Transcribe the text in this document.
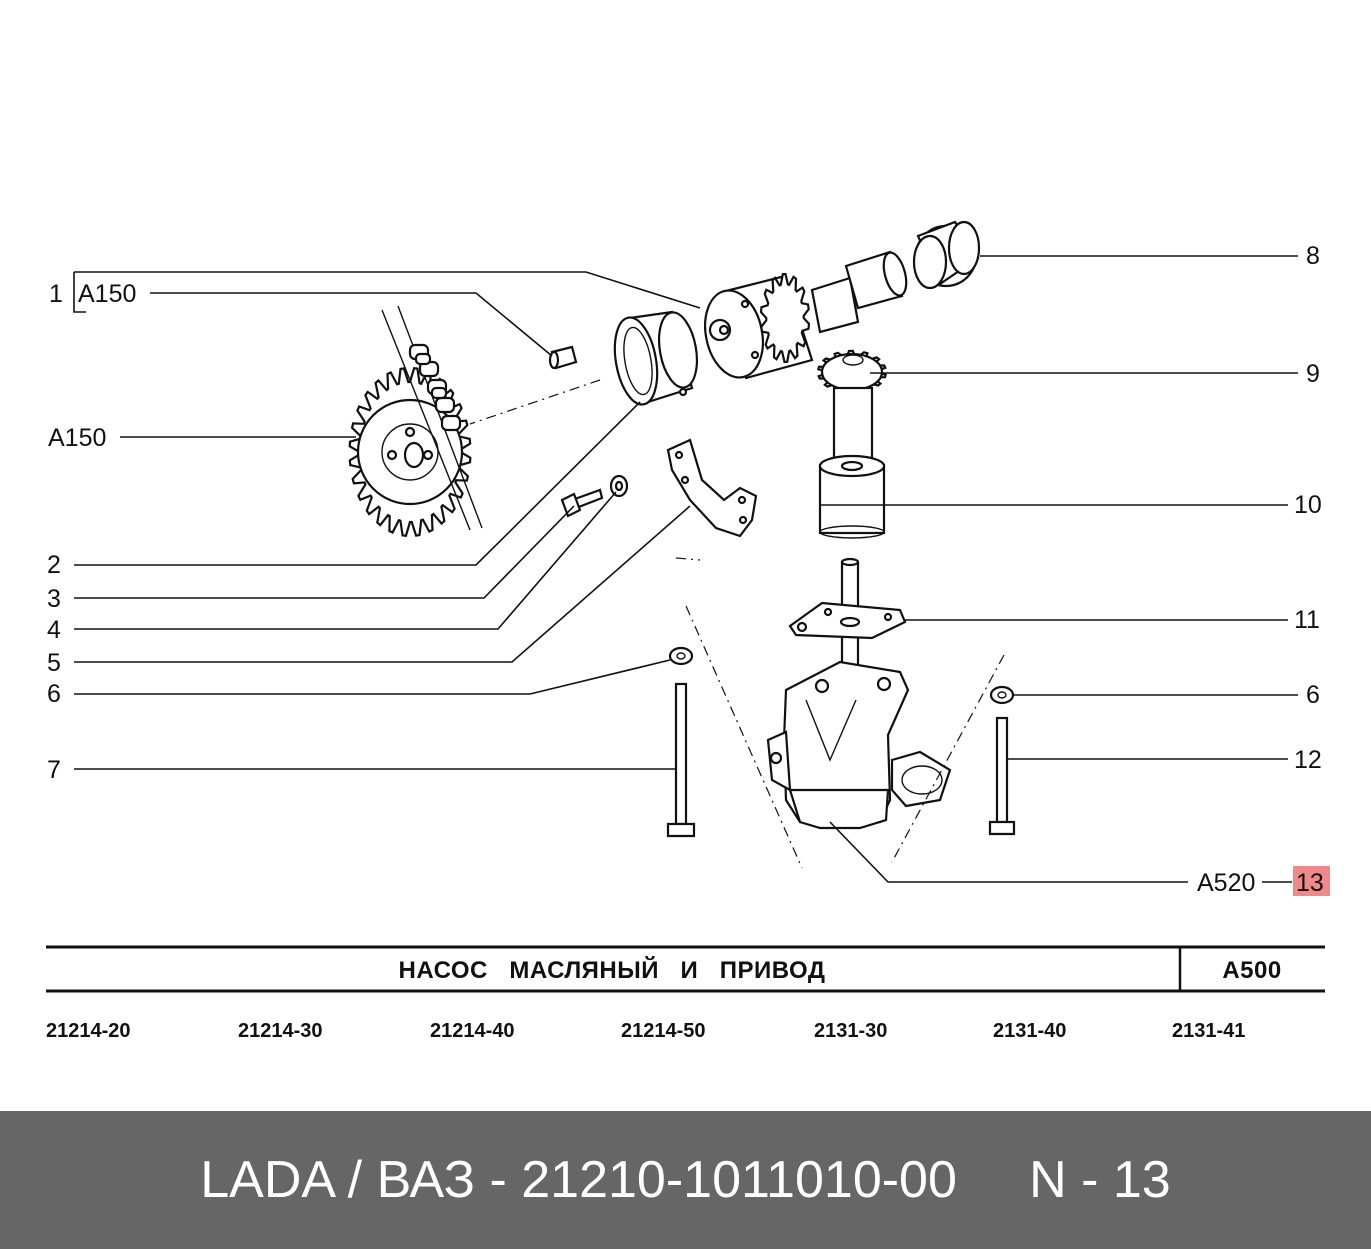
1 A150
A150
2
3
4
5
6
7
8
9
10
11
6
12
A520 13
НАСОС   МАСЛЯНЫЙ   И   ПРИВОД	A500
21214-20	21214-30	21214-40	21214-50	2131-30	2131-40	2131-41
LADA / ВАЗ - 21210-1011010-00     N - 13
